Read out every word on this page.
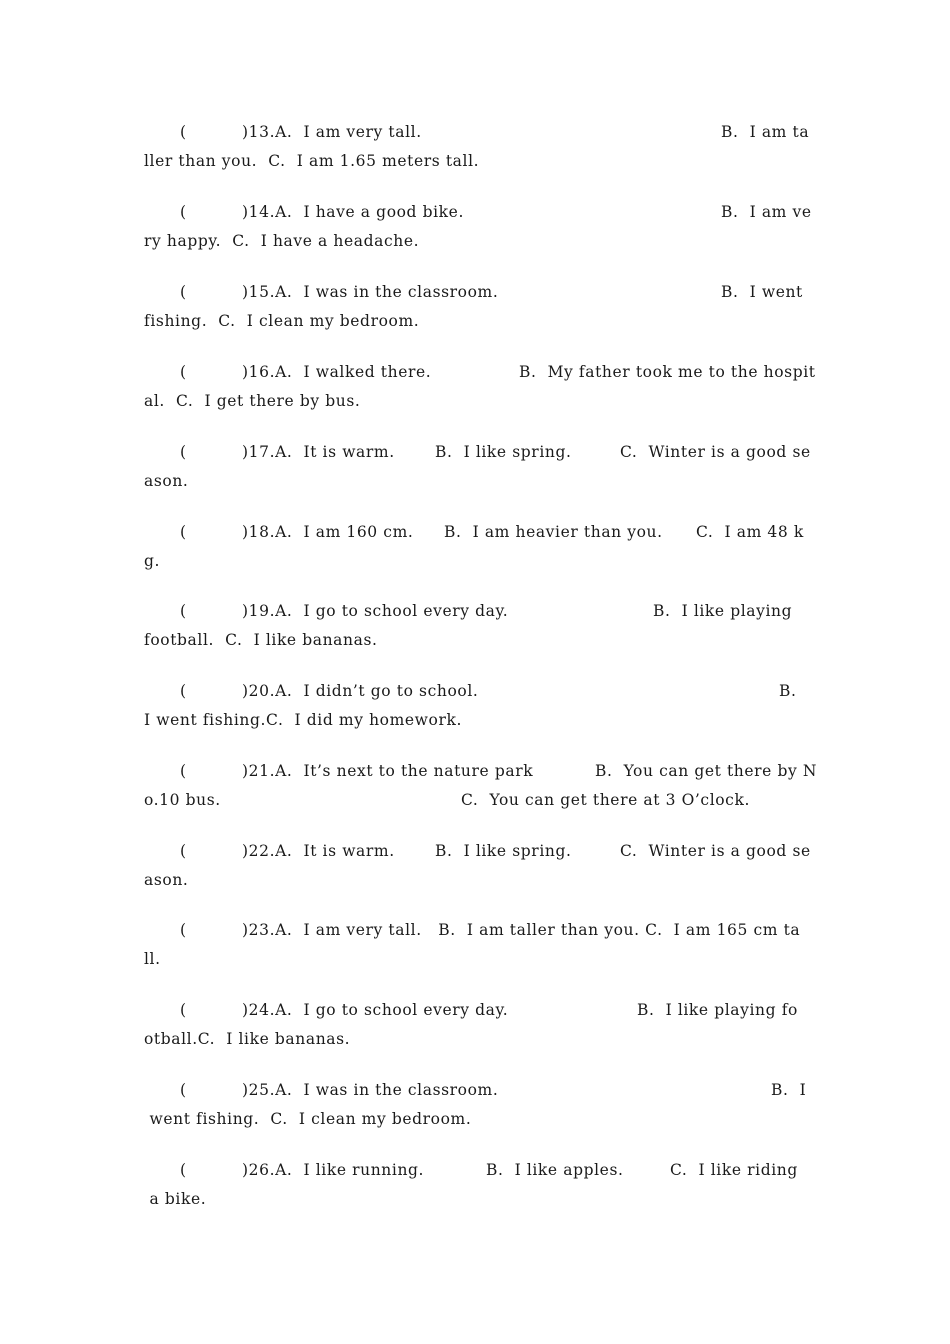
(	)13.A.  I am very tall.	B.  I am ta
ller than you.  C.  I am 1.65 meters tall.
(	)14.A.  I have a good bike.	B.  I am ve
ry happy.  C.  I have a headache.
(	)15.A.  I was in the classroom.	B.  I went
fishing.  C.  I clean my bedroom.
(	)16.A.  I walked there.	B.  My father took me to the hospit
al.  C.  I get there by bus.
(	)17.A.  It is warm.	B.  I like spring.	C.  Winter is a good se
ason.
(	)18.A.  I am 160 cm. B.  I am heavier than you. C.  I am 48 k
g.
(	)19.A.  I go to school every day.	B.  I like playing
football.  C.  I like bananas.
(	)20.A.  I didn’t go to school.	B.
I went fishing.C.  I did my homework.
(	)21.A.  It’s next to the nature park	B.  You can get there by N
o.10 bus.	C.  You can get there at 3 O’clock.
(	)22.A.  It is warm.	B.  I like spring.	C.  Winter is a good se
ason.
(	)23.A.  I am very tall.   B.  I am taller than you. C.  I am 165 cm ta
ll.
(	)24.A.  I go to school every day.	B.  I like playing fo
otball.C.  I like bananas.
(	)25.A.  I was in the classroom.	B.  I
went fishing.  C.  I clean my bedroom.
(	)26.A.  I like running.	B.  I like apples.	C.  I like riding
a bike.
